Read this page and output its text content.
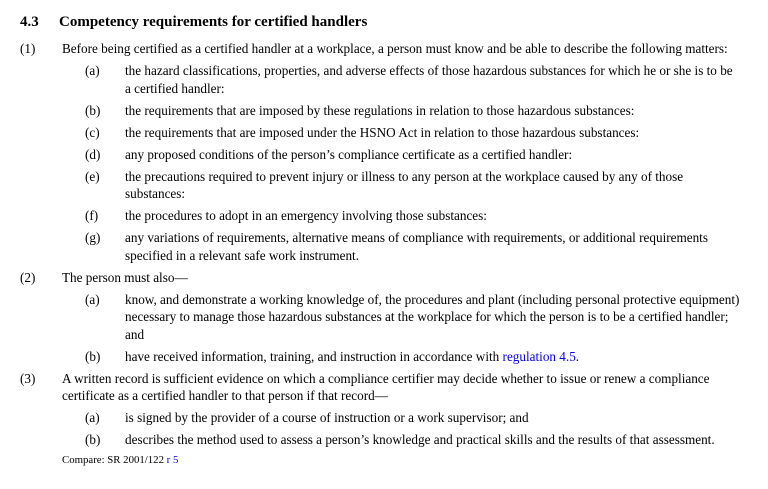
4.3	Competency requirements for certified handlers
(1)	Before being certified as a certified handler at a workplace, a person must know and be able to describe the following matters:

(a)	the hazard classifications, properties, and adverse effects of those hazardous substances for which he or she is to be a certified handler:

(b)	the requirements that are imposed by these regulations in relation to those hazardous substances:

(c)	the requirements that are imposed under the HSNO Act in relation to those hazardous substances:

(d)	any proposed conditions of the person’s compliance certificate as a certified handler:

(e)	the precautions required to prevent injury or illness to any person at the workplace caused by any of those substances:

(f)	the procedures to adopt in an emergency involving those substances:

(g)	any variations of requirements, alternative means of compliance with requirements, or additional requirements specified in a relevant safe work instrument.

(2)	The person must also—

(a)	know, and demonstrate a working knowledge of, the procedures and plant (including personal protective equipment) necessary to manage those hazardous substances at the workplace for which the person is to be a certified handler; and

(b)	have received information, training, and instruction in accordance with regulation 4.5.

(3)	A written record is sufficient evidence on which a compliance certifier may decide whether to issue or renew a compliance certificate as a certified handler to that person if that record—

(a)	is signed by the provider of a course of instruction or a work supervisor; and

(b)	describes the method used to assess a person’s knowledge and practical skills and the results of that assessment.

Compare: SR 2001/122 r 5
